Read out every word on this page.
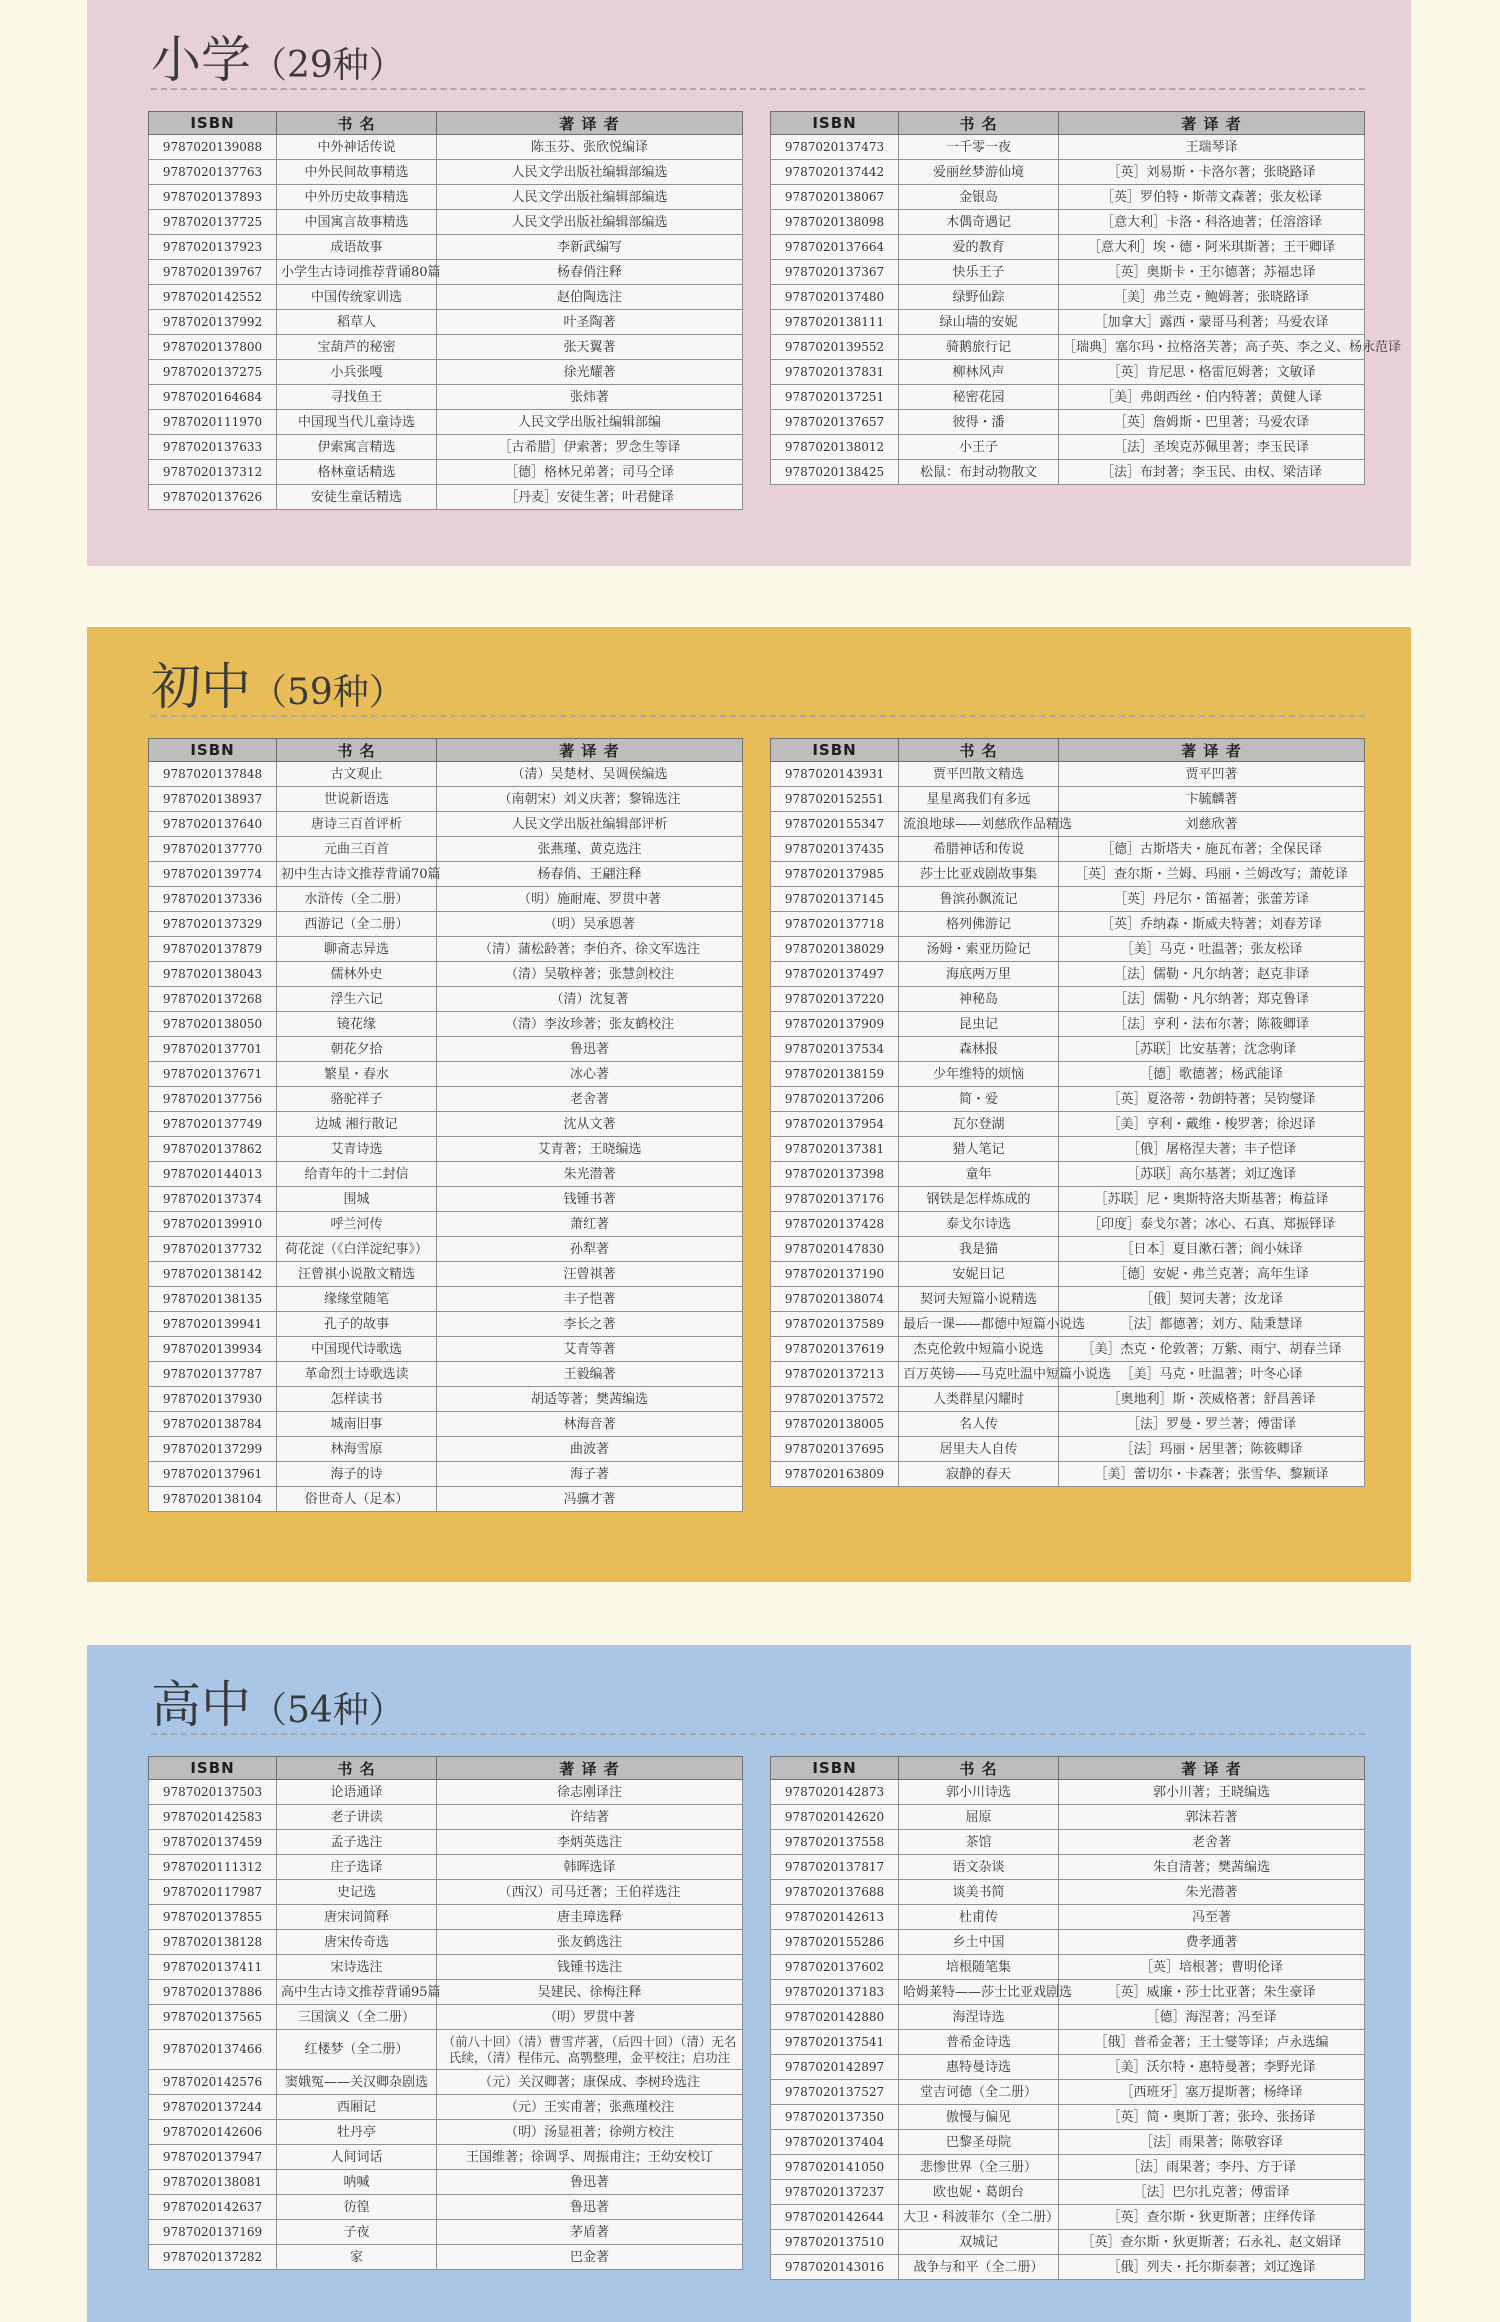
小学（29种）
ISBN	书 名	著 译 者
9787020139088	中外神话传说	陈玉芬、张欣悦编译
9787020137763	中外民间故事精选	人民文学出版社编辑部编选
9787020137893	中外历史故事精选	人民文学出版社编辑部编选
9787020137725	中国寓言故事精选	人民文学出版社编辑部编选
9787020137923	成语故事	李新武编写
9787020139767	小学生古诗词推荐背诵80篇	杨春俏注释
9787020142552	中国传统家训选	赵伯陶选注
9787020137992	稻草人	叶圣陶著
9787020137800	宝葫芦的秘密	张天翼著
9787020137275	小兵张嘎	徐光耀著
9787020164684	寻找鱼王	张炜著
9787020111970	中国现当代儿童诗选	人民文学出版社编辑部编
9787020137633	伊索寓言精选	［古希腊］伊索著；罗念生等译
9787020137312	格林童话精选	［德］格林兄弟著；司马仝译
9787020137626	安徒生童话精选	［丹麦］安徒生著；叶君健译
ISBN	书 名	著 译 者
9787020137473	一千零一夜	王瑞琴译
9787020137442	爱丽丝梦游仙境	［英］刘易斯・卡洛尔著；张晓路译
9787020138067	金银岛	［英］罗伯特・斯蒂文森著；张友松译
9787020138098	木偶奇遇记	［意大利］卡洛・科洛迪著；任溶溶译
9787020137664	爱的教育	［意大利］埃・德・阿米琪斯著；王干卿译
9787020137367	快乐王子	［英］奥斯卡・王尔德著；苏福忠译
9787020137480	绿野仙踪	［美］弗兰克・鲍姆著；张晓路译
9787020138111	绿山墙的安妮	［加拿大］露西・蒙哥马利著；马爱农译
9787020139552	骑鹅旅行记	［瑞典］塞尔玛・拉格洛芙著；高子英、李之义、杨永范译
9787020137831	柳林风声	［英］肯尼思・格雷厄姆著；文敏译
9787020137251	秘密花园	［美］弗朗西丝・伯内特著；黄健人译
9787020137657	彼得・潘	［英］詹姆斯・巴里著；马爱农译
9787020138012	小王子	［法］圣埃克苏佩里著；李玉民译
9787020138425	松鼠：布封动物散文	［法］布封著；李玉民、由权、梁洁译
初中（59种）
ISBN	书 名	著 译 者
9787020137848	古文观止	（清）吴楚材、吴调侯编选
9787020138937	世说新语选	（南朝宋）刘义庆著；黎锦选注
9787020137640	唐诗三百首评析	人民文学出版社编辑部评析
9787020137770	元曲三百首	张燕瑾、黄克选注
9787020139774	初中生古诗文推荐背诵70篇	杨春俏、王翩注释
9787020137336	水浒传（全二册）	（明）施耐庵、罗贯中著
9787020137329	西游记（全二册）	（明）吴承恩著
9787020137879	聊斋志异选	（清）蒲松龄著；李伯齐、徐文军选注
9787020138043	儒林外史	（清）吴敬梓著；张慧剑校注
9787020137268	浮生六记	（清）沈复著
9787020138050	镜花缘	（清）李汝珍著；张友鹤校注
9787020137701	朝花夕拾	鲁迅著
9787020137671	繁星・春水	冰心著
9787020137756	骆驼祥子	老舍著
9787020137749	边城 湘行散记	沈从文著
9787020137862	艾青诗选	艾青著；王晓编选
9787020144013	给青年的十二封信	朱光潜著
9787020137374	围城	钱锺书著
9787020139910	呼兰河传	萧红著
9787020137732	荷花淀（《白洋淀纪事》）	孙犁著
9787020138142	汪曾祺小说散文精选	汪曾祺著
9787020138135	缘缘堂随笔	丰子恺著
9787020139941	孔子的故事	李长之著
9787020139934	中国现代诗歌选	艾青等著
9787020137787	革命烈士诗歌选读	王毅编著
9787020137930	怎样读书	胡适等著；樊茜编选
9787020138784	城南旧事	林海音著
9787020137299	林海雪原	曲波著
9787020137961	海子的诗	海子著
9787020138104	俗世奇人（足本）	冯骥才著
ISBN	书 名	著 译 者
9787020143931	贾平凹散文精选	贾平凹著
9787020152551	星星离我们有多远	卞毓麟著
9787020155347	流浪地球——刘慈欣作品精选	刘慈欣著
9787020137435	希腊神话和传说	［德］古斯塔夫・施瓦布著；全保民译
9787020137985	莎士比亚戏剧故事集	［英］查尔斯・兰姆、玛丽・兰姆改写；萧乾译
9787020137145	鲁滨孙飘流记	［英］丹尼尔・笛福著；张蕾芳译
9787020137718	格列佛游记	［英］乔纳森・斯威夫特著；刘春芳译
9787020138029	汤姆・索亚历险记	［美］马克・吐温著；张友松译
9787020137497	海底两万里	［法］儒勒・凡尔纳著；赵克非译
9787020137220	神秘岛	［法］儒勒・凡尔纳著；郑克鲁译
9787020137909	昆虫记	［法］亨利・法布尔著；陈筱卿译
9787020137534	森林报	［苏联］比安基著；沈念驹译
9787020138159	少年维特的烦恼	［德］歌德著；杨武能译
9787020137206	简・爱	［英］夏洛蒂・勃朗特著；吴钧燮译
9787020137954	瓦尔登湖	［美］亨利・戴维・梭罗著；徐迟译
9787020137381	猎人笔记	［俄］屠格涅夫著；丰子恺译
9787020137398	童年	［苏联］高尔基著；刘辽逸译
9787020137176	钢铁是怎样炼成的	［苏联］尼・奥斯特洛夫斯基著；梅益译
9787020137428	泰戈尔诗选	［印度］泰戈尔著；冰心、石真、郑振铎译
9787020147830	我是猫	［日本］夏目漱石著；阎小妹译
9787020137190	安妮日记	［德］安妮・弗兰克著；高年生译
9787020138074	契诃夫短篇小说精选	［俄］契诃夫著；汝龙译
9787020137589	最后一课——都德中短篇小说选	［法］都德著；刘方、陆秉慧译
9787020137619	杰克伦敦中短篇小说选	［美］杰克・伦敦著；万紫、雨宁、胡春兰译
9787020137213	百万英镑——马克吐温中短篇小说选	［美］马克・吐温著；叶冬心译
9787020137572	人类群星闪耀时	［奥地利］斯・茨威格著；舒昌善译
9787020138005	名人传	［法］罗曼・罗兰著；傅雷译
9787020137695	居里夫人自传	［法］玛丽・居里著；陈筱卿译
9787020163809	寂静的春天	［美］蕾切尔・卡森著；张雪华、黎颖译
高中（54种）
ISBN	书 名	著 译 者
9787020137503	论语通译	徐志刚译注
9787020142583	老子讲读	许结著
9787020137459	孟子选注	李炳英选注
9787020111312	庄子选译	韩晖选译
9787020117987	史记选	（西汉）司马迁著；王伯祥选注
9787020137855	唐宋词简释	唐圭璋选释
9787020138128	唐宋传奇选	张友鹤选注
9787020137411	宋诗选注	钱锺书选注
9787020137886	高中生古诗文推荐背诵95篇	吴建民、徐梅注释
9787020137565	三国演义（全二册）	（明）罗贯中著
9787020137466	红楼梦（全二册）	（前八十回）（清）曹雪芹著，（后四十回）（清）无名氏续，（清）程伟元、高鹗整理，金平校注；启功注
9787020142576	窦娥冤——关汉卿杂剧选	（元）关汉卿著；康保成、李树玲选注
9787020137244	西厢记	（元）王实甫著；张燕瑾校注
9787020142606	牡丹亭	（明）汤显祖著；徐朔方校注
9787020137947	人间词话	王国维著；徐调孚、周振甫注；王幼安校订
9787020138081	呐喊	鲁迅著
9787020142637	彷徨	鲁迅著
9787020137169	子夜	茅盾著
9787020137282	家	巴金著
ISBN	书 名	著 译 者
9787020142873	郭小川诗选	郭小川著；王晓编选
9787020142620	屈原	郭沫若著
9787020137558	茶馆	老舍著
9787020137817	语文杂谈	朱自清著；樊茜编选
9787020137688	谈美书简	朱光潜著
9787020142613	杜甫传	冯至著
9787020155286	乡土中国	费孝通著
9787020137602	培根随笔集	［英］培根著；曹明伦译
9787020137183	哈姆莱特——莎士比亚戏剧选	［英］威廉・莎士比亚著；朱生豪译
9787020142880	海涅诗选	［德］海涅著；冯至译
9787020137541	普希金诗选	［俄］普希金著；王士燮等译；卢永选编
9787020142897	惠特曼诗选	［美］沃尔特・惠特曼著；李野光译
9787020137527	堂吉诃德（全二册）	［西班牙］塞万提斯著；杨绛译
9787020137350	傲慢与偏见	［英］简・奥斯丁著；张玲、张扬译
9787020137404	巴黎圣母院	［法］雨果著；陈敬容译
9787020141050	悲惨世界（全三册）	［法］雨果著；李丹、方于译
9787020137237	欧也妮・葛朗台	［法］巴尔扎克著；傅雷译
9787020142644	大卫・科波菲尔（全二册）	［英］查尔斯・狄更斯著；庄绎传译
9787020137510	双城记	［英］查尔斯・狄更斯著；石永礼、赵文娟译
9787020143016	战争与和平（全二册）	［俄］列夫・托尔斯泰著；刘辽逸译
